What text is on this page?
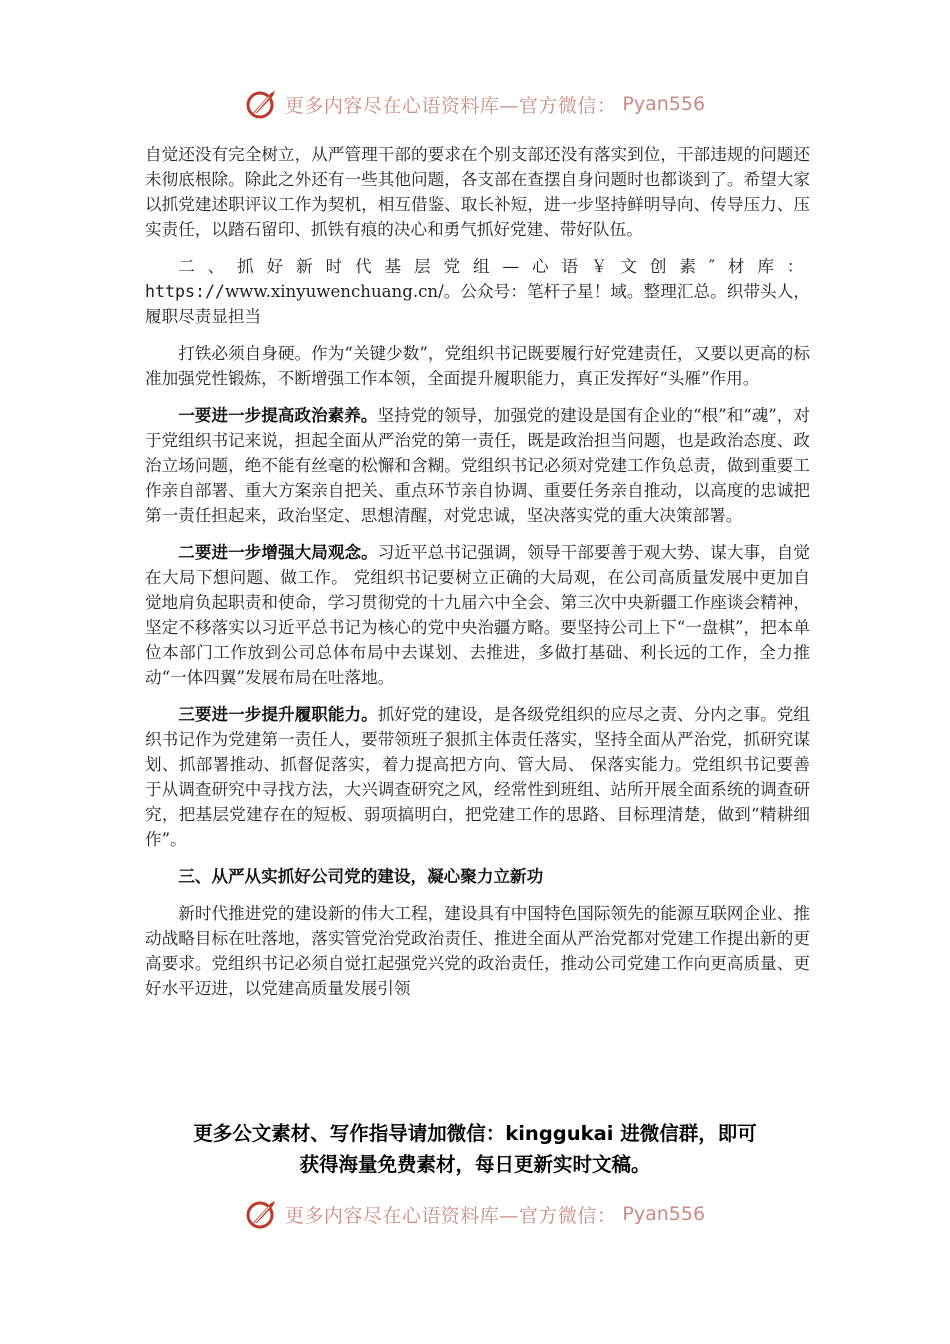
更多内容尽在心语资料库—官方微信： Pyan556

自觉还没有完全树立，从严管理干部的要求在个别支部还没有落实到位，干部违规的问题还未彻底根除。除此之外还有一些其他问题，各支部在查摆自身问题时也都谈到了。希望大家以抓党建述职评议工作为契机，相互借鉴、取长补短，进一步坚持鲜明导向、传导压力、压实责任，以踏石留印、抓铁有痕的决心和勇气抓好党建、带好队伍。

二、抓好新时代基层党组—心语￥文创素″材库：https://www.xinyuwenchuang.cn/。公众号：笔杆子星！域。整理汇总。织带头人，履职尽责显担当

打铁必须自身硬。作为“关键少数”，党组织书记既要履行好党建责任，又要以更高的标准加强党性锻炼，不断增强工作本领，全面提升履职能力，真正发挥好“头雁”作用。

一要进一步提高政治素养。坚持党的领导，加强党的建设是国有企业的“根”和“魂”，对于党组织书记来说，担起全面从严治党的第一责任，既是政治担当问题，也是政治态度、政治立场问题，绝不能有丝毫的松懈和含糊。党组织书记必须对党建工作负总责，做到重要工作亲自部署、重大方案亲自把关、重点环节亲自协调、重要任务亲自推动，以高度的忠诚把第一责任担起来，政治坚定、思想清醒，对党忠诚，坚决落实党的重大决策部署。

二要进一步增强大局观念。习近平总书记强调，领导干部要善于观大势、谋大事，自觉在大局下想问题、做工作。 党组织书记要树立正确的大局观，在公司高质量发展中更加自 觉地肩负起职责和使命，学习贯彻党的十九届六中全会、第三次中央新疆工作座谈会精神，坚定不移落实以习近平总书记为核心的党中央治疆方略。要坚持公司上下“一盘棋”，把本单位本部门工作放到公司总体布局中去谋划、去推进，多做打基础、利长远的工作，全力推动“一体四翼”发展布局在吐落地。

三要进一步提升履职能力。抓好党的建设，是各级党组织的应尽之责、分内之事。党组织书记作为党建第一责任人，要带领班子狠抓主体责任落实，坚持全面从严治党，抓研究谋划、抓部署推动、抓督促落实，着力提高把方向、管大局、 保落实能力。党组织书记要善于从调查研究中寻找方法，大兴调查研究之风，经常性到班组、站所开展全面系统的调查研究，把基层党建存在的短板、弱项搞明白，把党建工作的思路、目标理清楚，做到“精耕细作”。

三、从严从实抓好公司党的建设，凝心聚力立新功

新时代推进党的建设新的伟大工程，建设具有中国特色国际领先的能源互联网企业、推动战略目标在吐落地，落实管党治党政治责任、推进全面从严治党都对党建工作提出新的更高要求。党组织书记必须自觉扛起强党兴党的政治责任，推动公司党建工作向更高质量、更好水平迈进，以党建高质量发展引领

更多公文素材、写作指导请加微信：kinggukai 进微信群，即可
获得海量免费素材，每日更新实时文稿。
更多内容尽在心语资料库—官方微信： Pyan556
